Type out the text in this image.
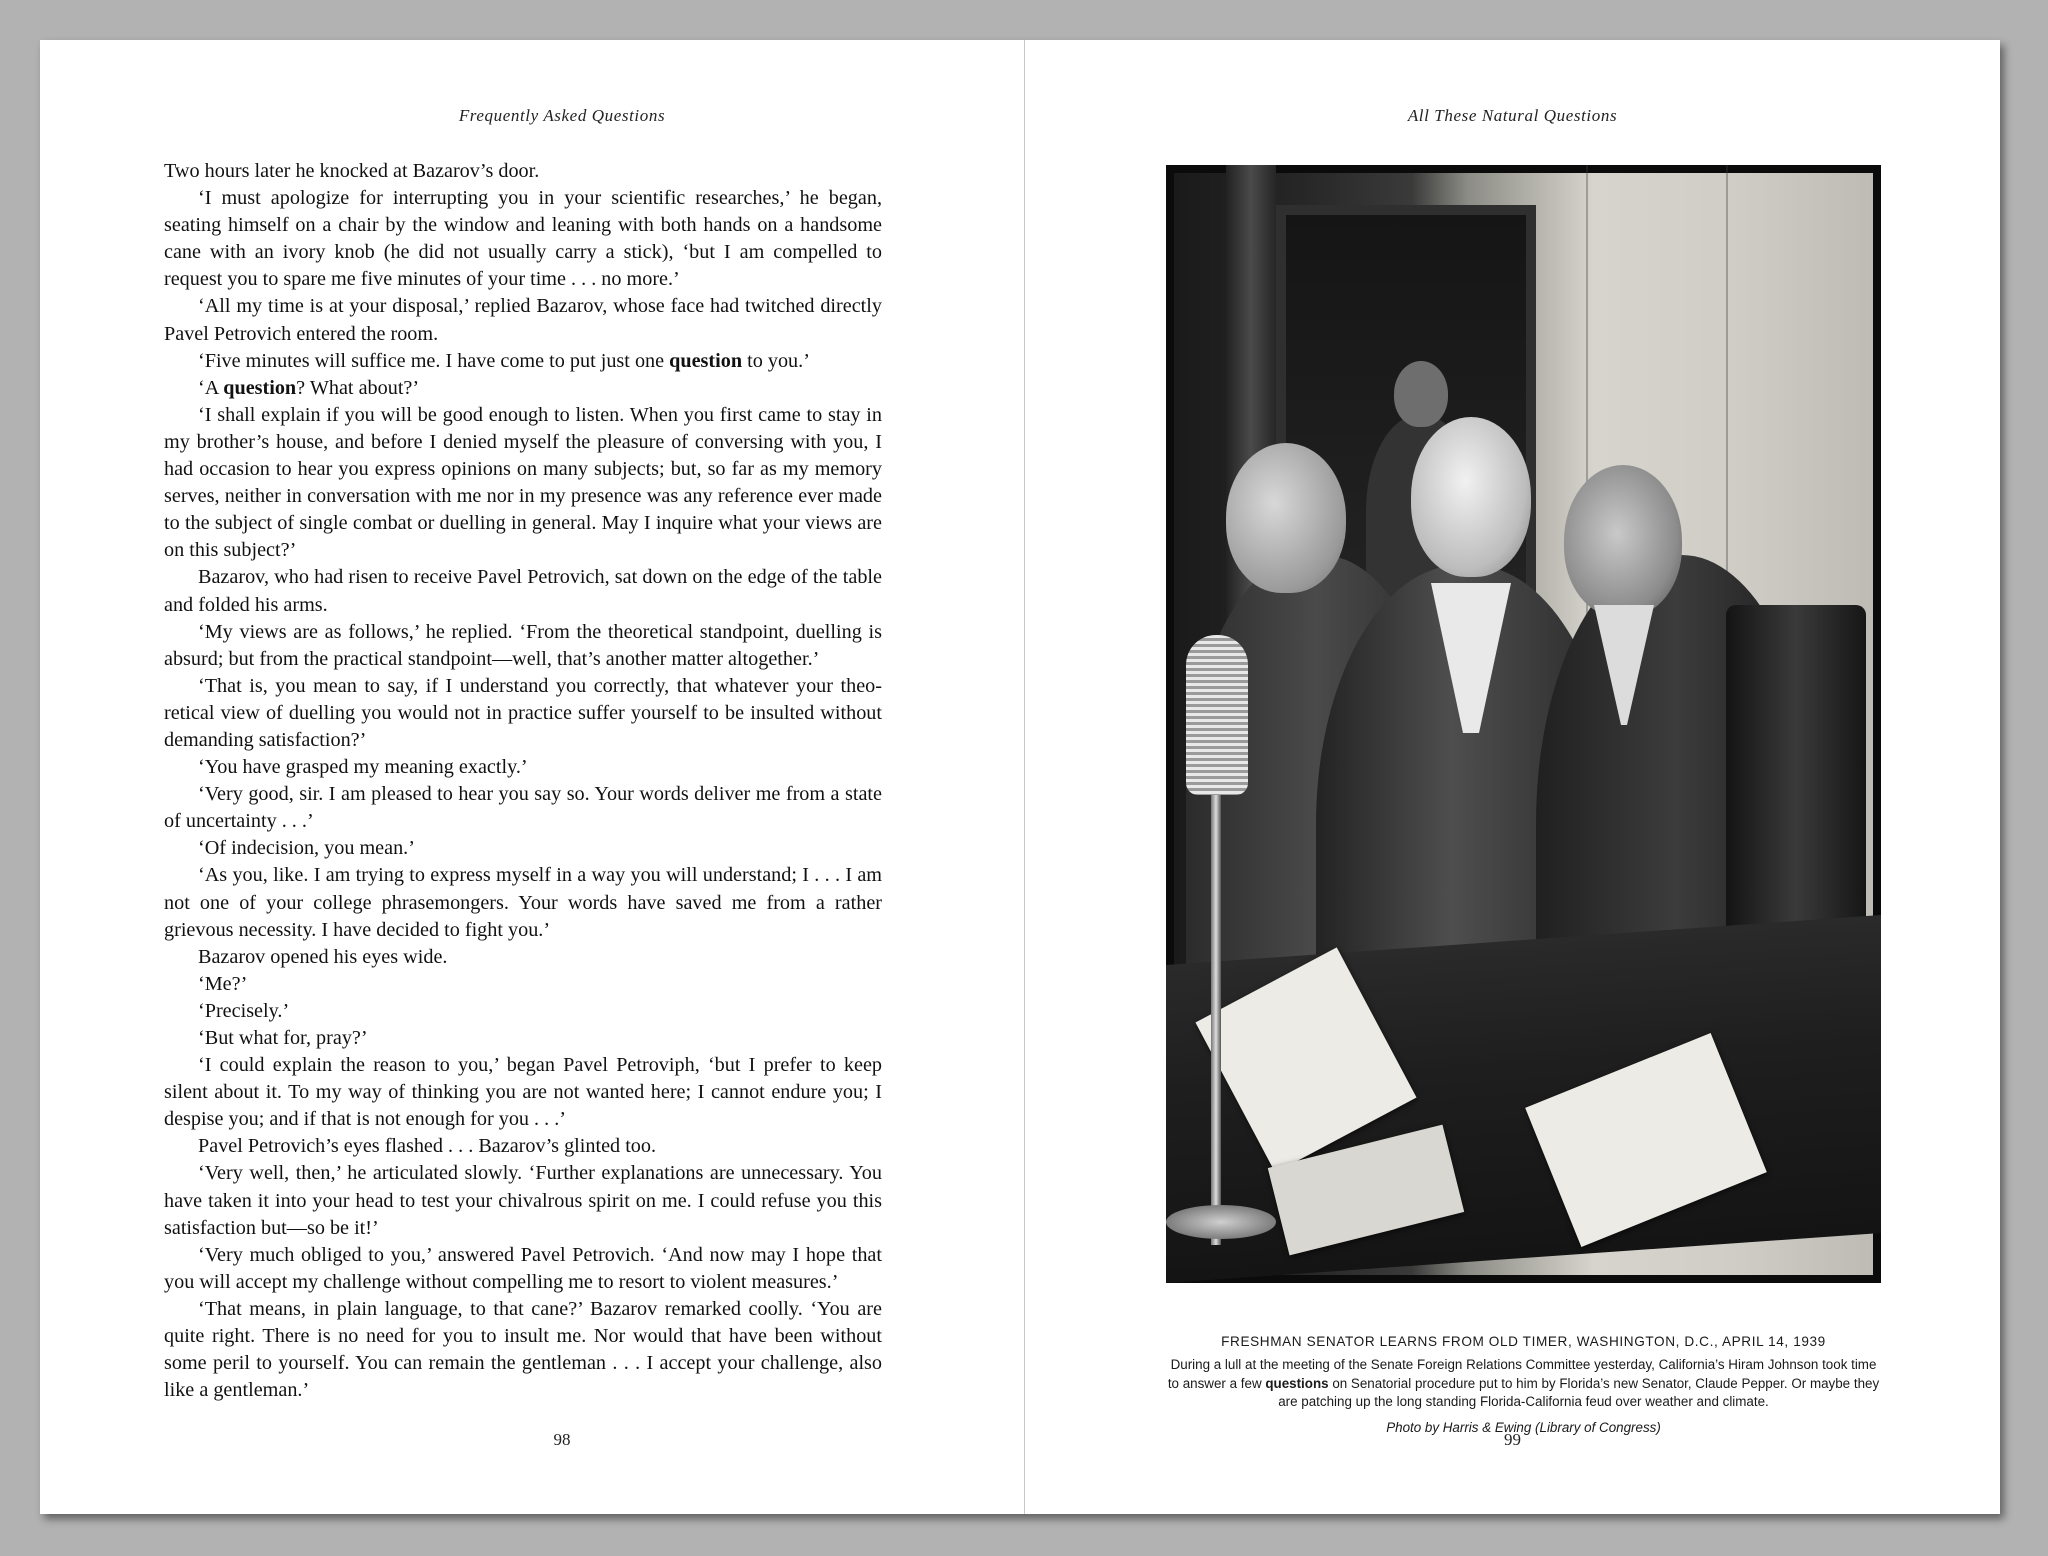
Frequently Asked Questions

Two hours later he knocked at Bazarov’s door.

‘I must apologize for interrupting you in your scientific researches,’ he began, seating himself on a chair by the window and leaning with both hands on a handsome cane with an ivory knob (he did not usually carry a stick), ‘but I am compelled to request you to spare me five minutes of your time . . . no more.’

‘All my time is at your disposal,’ replied Bazarov, whose face had twitched directly Pavel Petrovich entered the room.

‘Five minutes will suffice me. I have come to put just one question to you.’

‘A question? What about?’

‘I shall explain if you will be good enough to listen. When you first came to stay in my brother’s house, and before I denied myself the pleasure of conversing with you, I had occasion to hear you express opinions on many subjects; but, so far as my memory serves, neither in conversation with me nor in my presence was any reference ever made to the subject of single combat or duelling in general. May I inquire what your views are on this subject?’

Bazarov, who had risen to receive Pavel Petrovich, sat down on the edge of the table and folded his arms.

‘My views are as follows,’ he replied. ‘From the theoretical standpoint, duelling is absurd; but from the practical standpoint—well, that’s another matter altogether.’

‘That is, you mean to say, if I understand you correctly, that whatever your theo-retical view of duelling you would not in practice suffer yourself to be insulted without demanding satisfaction?’

‘You have grasped my meaning exactly.’

‘Very good, sir. I am pleased to hear you say so. Your words deliver me from a state of uncertainty . . .’

‘Of indecision, you mean.’

‘As you, like. I am trying to express myself in a way you will understand; I . . . I am not one of your college phrasemongers. Your words have saved me from a rather grievous necessity. I have decided to fight you.’

Bazarov opened his eyes wide.

‘Me?’

‘Precisely.’

‘But what for, pray?’

‘I could explain the reason to you,’ began Pavel Petroviph, ‘but I prefer to keep silent about it. To my way of thinking you are not wanted here; I cannot endure you; I despise you; and if that is not enough for you . . .’

Pavel Petrovich’s eyes flashed . . . Bazarov’s glinted too.

‘Very well, then,’ he articulated slowly. ‘Further explanations are unnecessary. You have taken it into your head to test your chivalrous spirit on me. I could refuse you this satisfaction but—so be it!’

‘Very much obliged to you,’ answered Pavel Petrovich. ‘And now may I hope that you will accept my challenge without compelling me to resort to violent measures.’

‘That means, in plain language, to that cane?’ Bazarov remarked coolly. ‘You are quite right. There is no need for you to insult me. Nor would that have been without some peril to yourself. You can remain the gentleman . . . I accept your challenge, also like a gentleman.’

98
All These Natural Questions
FRESHMAN SENATOR LEARNS FROM OLD TIMER, WASHINGTON, D.C., APRIL 14, 1939
During a lull at the meeting of the Senate Foreign Relations Committee yesterday, California’s Hiram Johnson took time to answer a few questions on Senatorial procedure put to him by Florida’s new Senator, Claude Pepper. Or maybe they are patching up the long standing Florida-California feud over weather and climate.
Photo by Harris & Ewing (Library of Congress)
99
